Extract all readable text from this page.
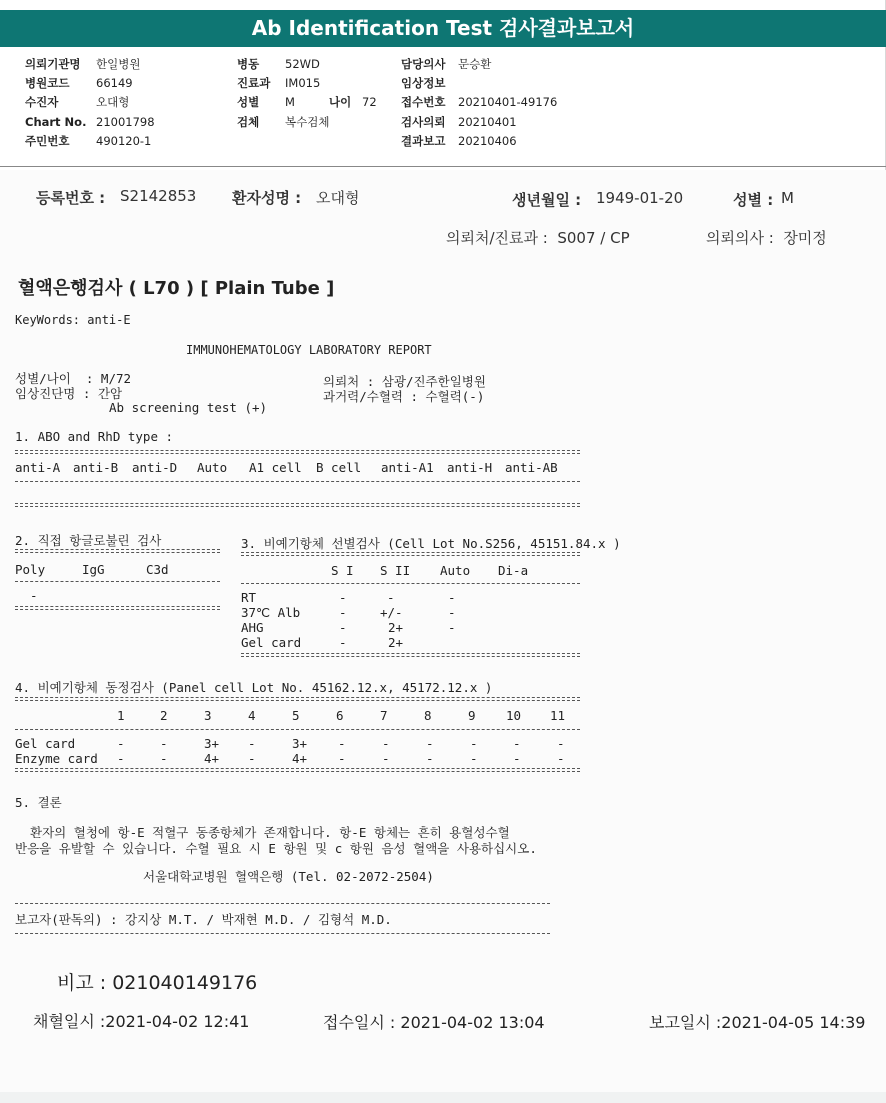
Ab Identification Test 검사결과보고서
의뢰기관명 한일병원
병원코드 66149
수진자	오대형
Chart No. 21001798
주민번호 490120-1
병동 52WD
진료과 IM015
성별 M	나이 72
검체 복수검체
담당의사 문승환
임상정보
접수번호 20210401-49176
검사의뢰 20210401
결과보고 20210406
등록번호 : S2142853 환자성명 : 오대형	생년월일 : 1949-01-20	성별 : M
의뢰처/진료과 :  S007 / CP	의뢰의사 :  장미정
혈액은행검사 ( L70 ) [ Plain Tube ]
KeyWords: anti-E
IMMUNOHEMATOLOGY LABORATORY REPORT
성별/나이  : M/72
임상진단명 : 간암
Ab screening test (+)
의뢰처 : 삼광/진주한일병원
과거력/수혈력 : 수혈력(-)
1. ABO and RhD type :
anti-A anti-B anti-D Auto A1 cell B cell anti-A1 anti-H anti-AB
2. 직접 항글로불린 검사
Poly	IgG	C3d
-
3. 비예기항체 선별검사 (Cell Lot No.S256, 45151.84.x )
S I S II Auto Di-a
RT	-	-	-
37℃ Alb	-	+/-	-
AHG	-	2+	-
Gel card	-	2+
4. 비예기항체 동정검사 (Panel cell Lot No. 45162.12.x, 45172.12.x )
1	2	3	4	5	6	7	8	9 10 11
Gel card	-	-	3+ -	3+ -	-	-	-	-	-
Enzyme card -	-	4+ -	4+ -	-	-	-	-	-
5. 결론
환자의 혈청에 항-E 적혈구 동종항체가 존재합니다. 항-E 항체는 흔히 용혈성수혈
반응을 유발할 수 있습니다. 수혈 필요 시 E 항원 및 c 항원 음성 혈액을 사용하십시오.
서울대학교병원 혈액은행 (Tel. 02-2072-2504)
보고자(판독의) : 강지상 M.T. / 박재현 M.D. / 김형석 M.D.
비고 : 021040149176
채혈일시 :2021-04-02 12:41	접수일시 : 2021-04-02 13:04	보고일시 :2021-04-05 14:39
